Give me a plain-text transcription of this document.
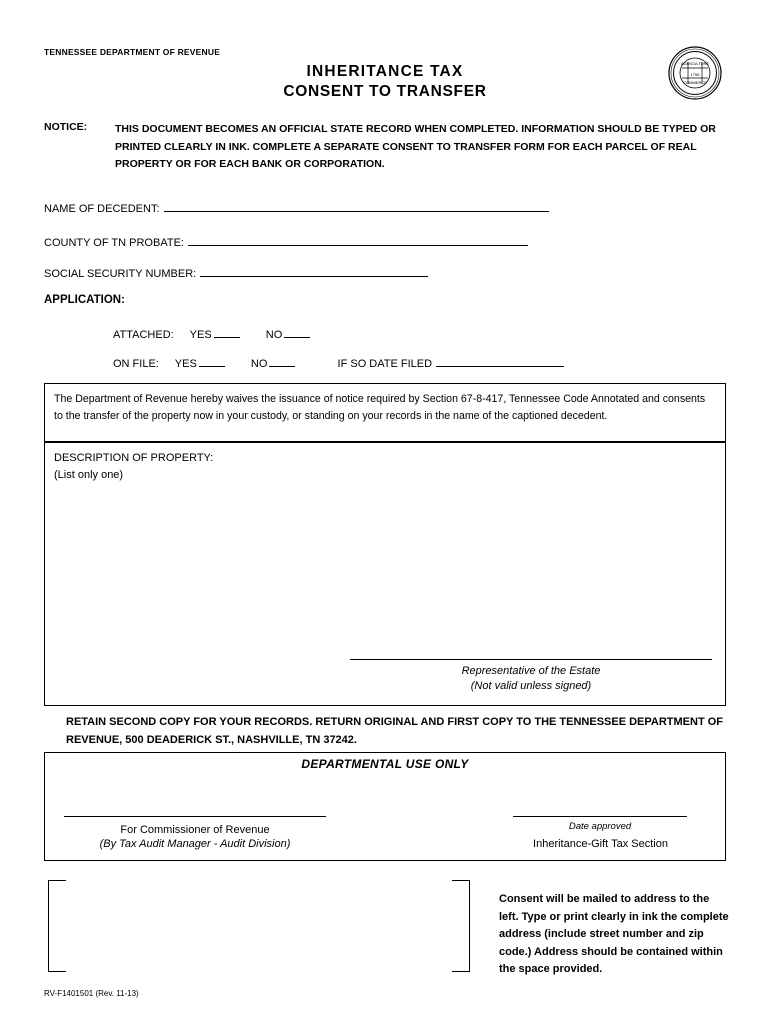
TENNESSEE DEPARTMENT OF REVENUE
INHERITANCE TAX
CONSENT TO TRANSFER
AGRICULTURE
1796
COMMERCE
NOTICE:	THIS DOCUMENT BECOMES AN OFFICIAL STATE RECORD WHEN COMPLETED. INFORMATION SHOULD BE TYPED OR PRINTED CLEARLY IN INK. COMPLETE A SEPARATE CONSENT TO TRANSFER FORM FOR EACH PARCEL OF REAL PROPERTY OR FOR EACH BANK OR CORPORATION.
NAME OF DECEDENT:
COUNTY OF TN PROBATE:
SOCIAL SECURITY NUMBER:
APPLICATION:
ATTACHED: YES	NO
ON FILE: YES	NO	IF SO DATE FILED
The Department of Revenue hereby waives the issuance of notice required by Section 67-8-417, Tennessee Code Annotated and consents to the transfer of the property now in your custody, or standing on your records in the name of the captioned decedent.
DESCRIPTION OF PROPERTY:
(List only one)
Representative of the Estate
(Not valid unless signed)
RETAIN SECOND COPY FOR YOUR RECORDS. RETURN ORIGINAL AND FIRST COPY TO THE TENNESSEE DEPARTMENT OF REVENUE, 500 DEADERICK ST., NASHVILLE, TN 37242.
DEPARTMENTAL USE ONLY
For Commissioner of Revenue
(By Tax Audit Manager - Audit Division)
Date approved
Inheritance-Gift Tax Section
Consent will be mailed to address to the left. Type or print clearly in ink the complete address (include street number and zip code.) Address should be contained within the space provided.
RV-F1401501 (Rev. 11-13)
